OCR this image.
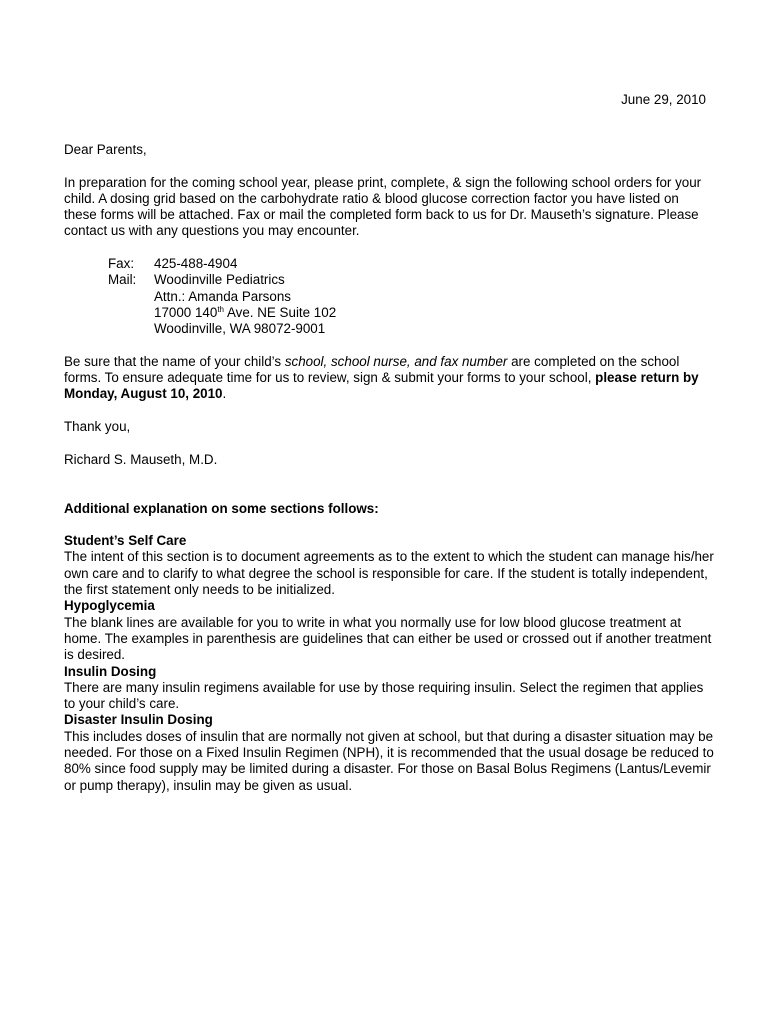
June 29, 2010

Dear Parents,

In preparation for the coming school year, please print, complete, & sign the following school orders for your child. A dosing grid based on the carbohydrate ratio & blood glucose correction factor you have listed on these forms will be attached. Fax or mail the completed form back to us for Dr. Mauseth’s signature. Please contact us with any questions you may encounter.

Fax:	425-488-4904
Mail:	Woodinville Pediatrics
Attn.: Amanda Parsons
17000 140th Ave. NE Suite 102
Woodinville, WA 98072-9001

Be sure that the name of your child’s school, school nurse, and fax number are completed on the school forms. To ensure adequate time for us to review, sign & submit your forms to your school, please return by Monday, August 10, 2010.

Thank you,

Richard S. Mauseth, M.D.

Additional explanation on some sections follows:

Student’s Self Care

The intent of this section is to document agreements as to the extent to which the student can manage his/her own care and to clarify to what degree the school is responsible for care. If the student is totally independent, the first statement only needs to be initialized.

Hypoglycemia

The blank lines are available for you to write in what you normally use for low blood glucose treatment at home. The examples in parenthesis are guidelines that can either be used or crossed out if another treatment is desired.

Insulin Dosing

There are many insulin regimens available for use by those requiring insulin. Select the regimen that applies to your child’s care.

Disaster Insulin Dosing

This includes doses of insulin that are normally not given at school, but that during a disaster situation may be needed. For those on a Fixed Insulin Regimen (NPH), it is recommended that the usual dosage be reduced to 80% since food supply may be limited during a disaster. For those on Basal Bolus Regimens (Lantus/Levemir or pump therapy), insulin may be given as usual.
